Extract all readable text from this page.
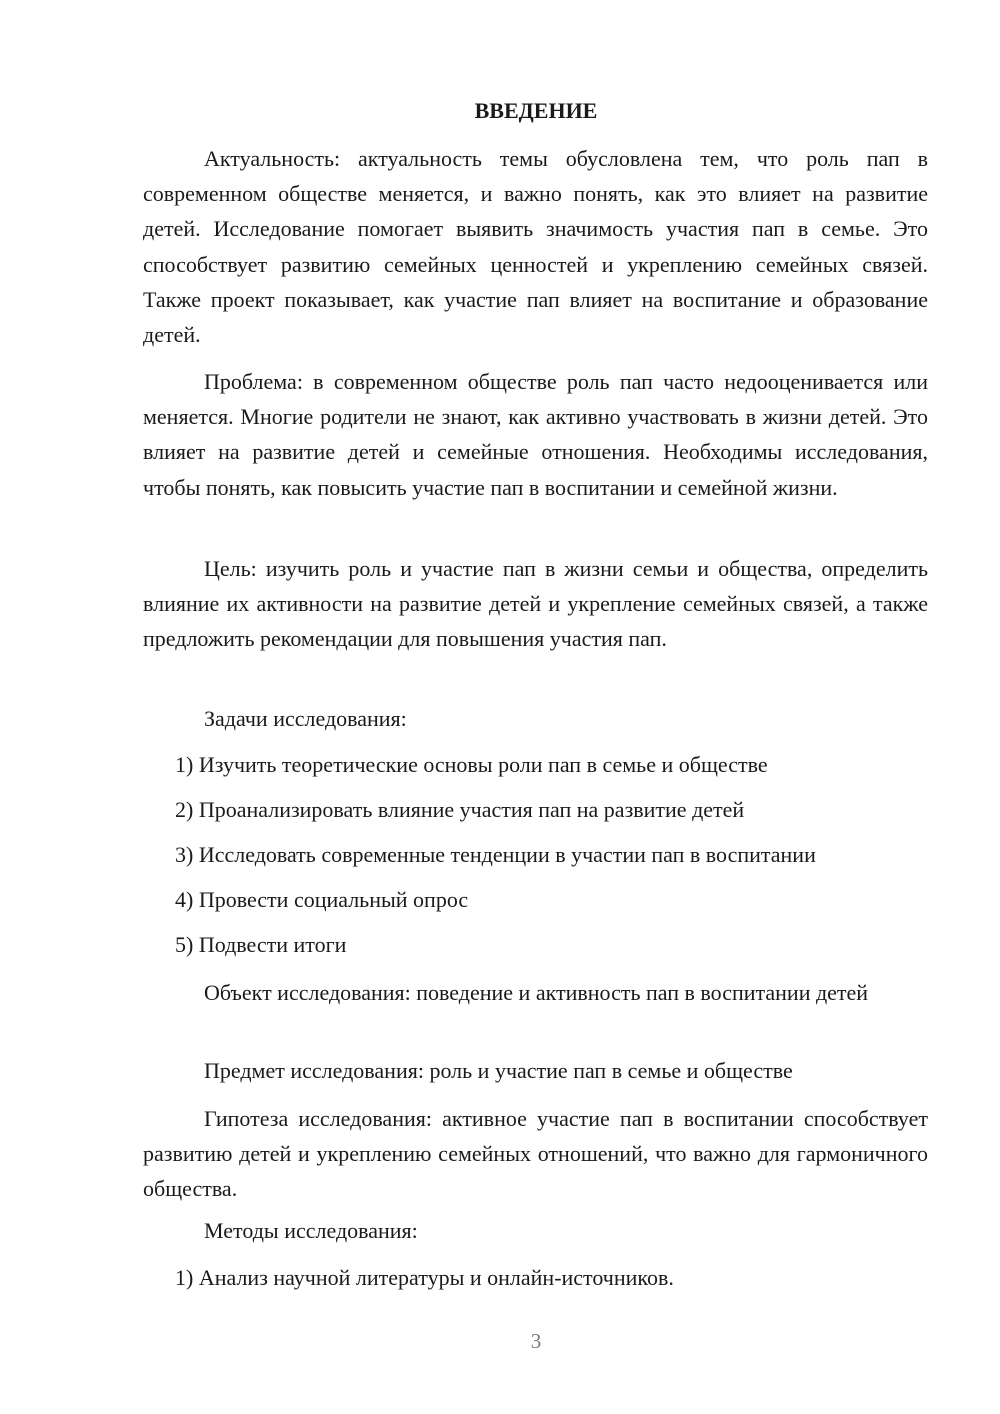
ВВЕДЕНИЕ

Актуальность: актуальность темы обусловлена тем, что роль пап в современном обществе меняется, и важно понять, как это влияет на развитие детей. Исследование помогает выявить значимость участия пап в семье. Это способствует развитию семейных ценностей и укреплению семейных связей. Также проект показывает, как участие пап влияет на воспитание и образование детей.

Проблема: в современном обществе роль пап часто недооценивается или меняется. Многие родители не знают, как активно участвовать в жизни детей. Это влияет на развитие детей и семейные отношения. Необходимы исследования, чтобы понять, как повысить участие пап в воспитании и семейной жизни.

Цель: изучить роль и участие пап в жизни семьи и общества, определить влияние их активности на развитие детей и укрепление семейных связей, а также предложить рекомендации для повышения участия пап.

Задачи исследования:

1) Изучить теоретические основы роли пап в семье и обществе

2) Проанализировать влияние участия пап на развитие детей

3) Исследовать современные тенденции в участии пап в воспитании

4) Провести социальный опрос

5) Подвести итоги

Объект исследования: поведение и активность пап в воспитании детей

Предмет исследования: роль и участие пап в семье и обществе

Гипотеза исследования: активное участие пап в воспитании способствует развитию детей и укреплению семейных отношений, что важно для гармоничного общества.

Методы исследования:

1) Анализ научной литературы и онлайн-источников.

3
